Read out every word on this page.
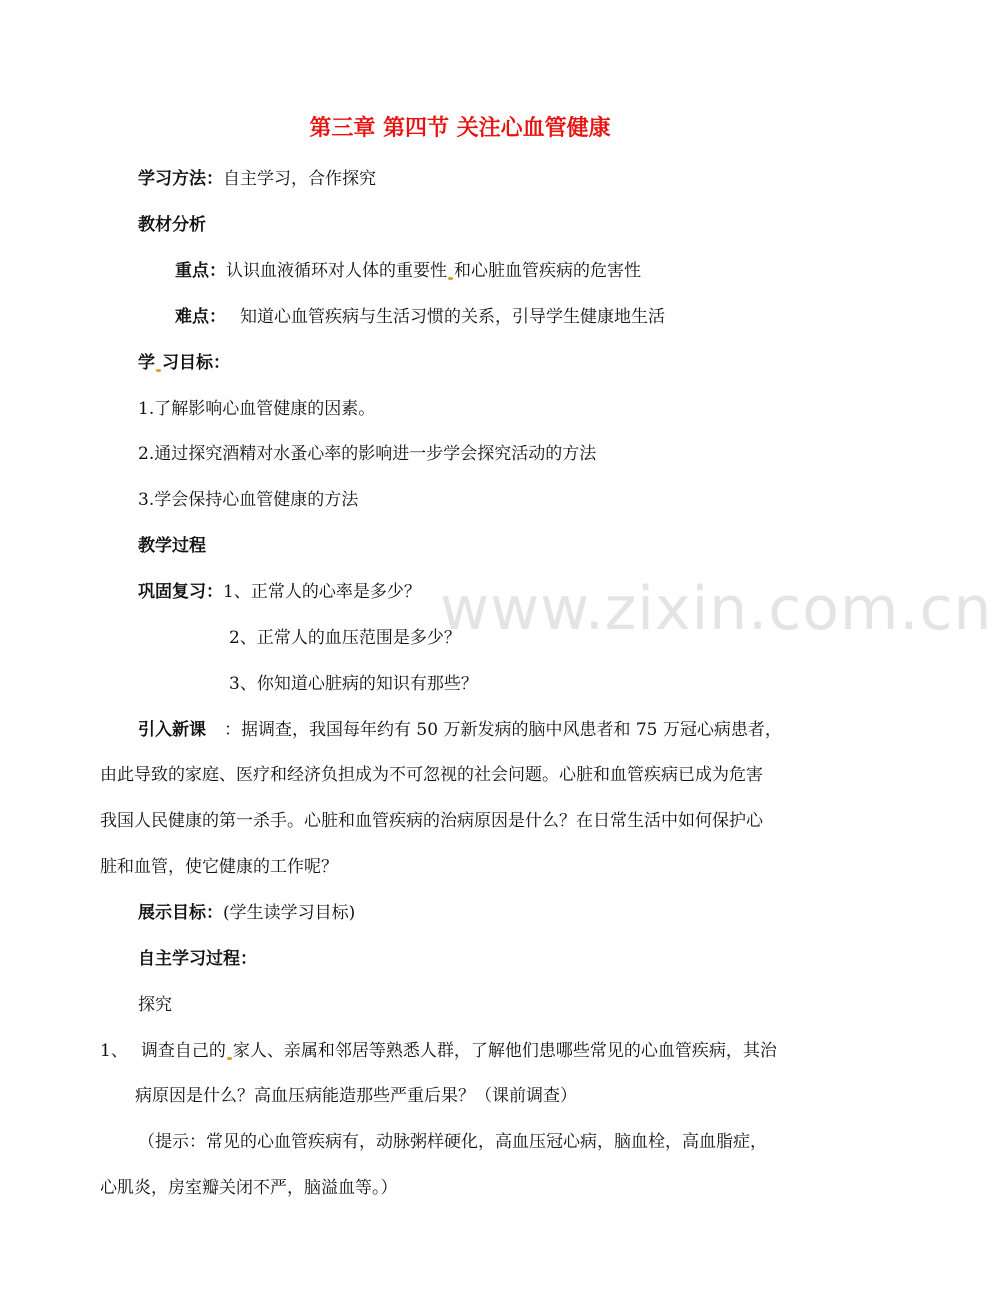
www.zixin.com.cn
第三章 第四节 关注心血管健康
学习方法：自主学习，合作探究
教材分析
重点：认识血液循环对人体的重要性 和心脏血管疾病的危害性
难点： 知道心血管疾病与生活习惯的关系，引导学生健康地生活
学 习目标：
1.了解影响心血管健康的因素。
2.通过探究酒精对水蚤心率的影响进一步学会探究活动的方法
3.学会保持心血管健康的方法
教学过程
巩固复习：1、正常人的心率是多少？
2、正常人的血压范围是多少？
3、你知道心脏病的知识有那些？
引入新课 ：据调查，我国每年约有 50 万新发病的脑中风患者和 75 万冠心病患者，
由此导致的家庭、医疗和经济负担成为不可忽视的社会问题。心脏和血管疾病已成为危害
我国人民健康的第一杀手。心脏和血管疾病的治病原因是什么？在日常生活中如何保护心
脏和血管，使它健康的工作呢？
展示目标：(学生读学习目标)
自主学习过程：
探究
1、 调查自己的 家人、亲属和邻居等熟悉人群，了解他们患哪些常见的心血管疾病，其治
病原因是什么？高血压病能造那些严重后果？（课前调查）
（提示：常见的心血管疾病有，动脉粥样硬化，高血压冠心病，脑血栓，高血脂症，
心肌炎，房室瓣关闭不严，脑溢血等。）
